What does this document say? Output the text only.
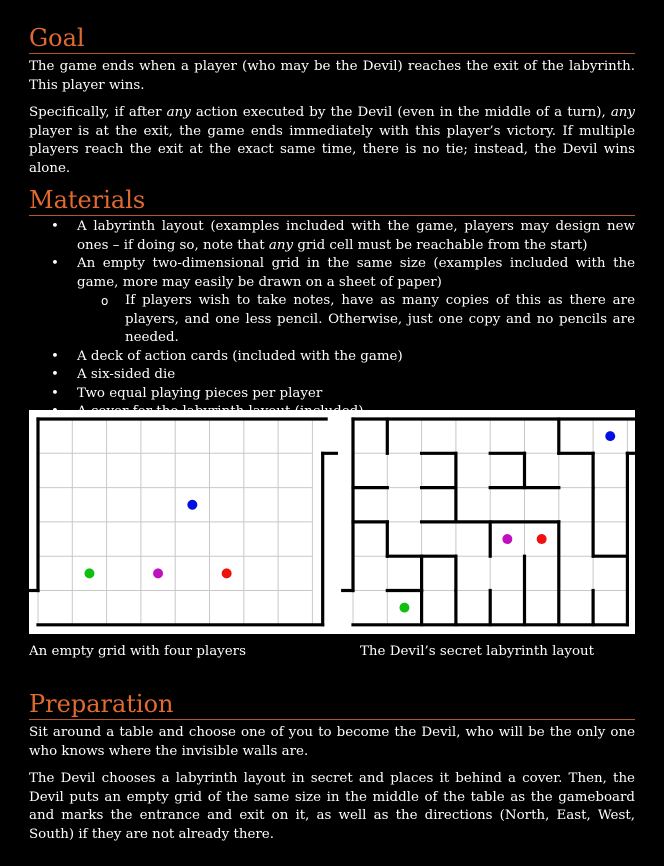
Goal

The game ends when a player (who may be the Devil) reaches the exit of the labyrinth. This player wins.

Specifically, if after any action executed by the Devil (even in the middle of a turn), any player is at the exit, the game ends immediately with this player’s victory. If multiple players reach the exit at the exact same time, there is no tie; instead, the Devil wins alone.

Materials
• A labyrinth layout (examples included with the game, players may design new ones – if doing so, note that any grid cell must be reachable from the start)
• An empty two-dimensional grid in the same size (examples included with the game, more may easily be drawn on a sheet of paper)
o If players wish to take notes, have as many copies of this as there are players, and one less pencil. Otherwise, just one copy and no pencils are needed.
• A deck of action cards (included with the game)
• A six-sided die
• Two equal playing pieces per player
An empty grid with four players	The Devil’s secret labyrinth layout
Preparation

Sit around a table and choose one of you to become the Devil, who will be the only one who knows where the invisible walls are.

The Devil chooses a labyrinth layout in secret and places it behind a cover. Then, the Devil puts an empty grid of the same size in the middle of the table as the gameboard and marks the entrance and exit on it, as well as the directions (North, East, West, South) if they are not already there.
